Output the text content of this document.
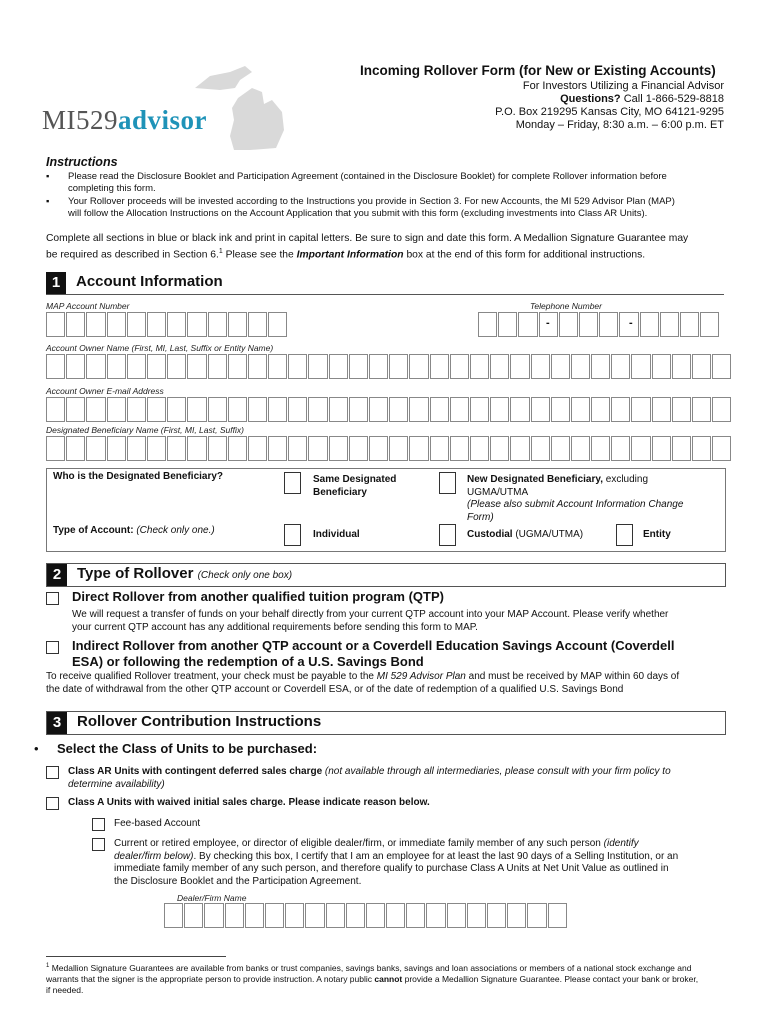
MI529advisor
Incoming Rollover Form (for New or Existing Accounts)
For Investors Utilizing a Financial Advisor
Questions? Call 1-866-529-8818
P.O. Box 219295 Kansas City, MO 64121-9295
Monday – Friday, 8:30 a.m. – 6:00 p.m. ET
Instructions
▪ Please read the Disclosure Booklet and Participation Agreement (contained in the Disclosure Booklet) for complete Rollover information before
completing this form.
▪ Your Rollover proceeds will be invested according to the Instructions you provide in Section 3. For new Accounts, the MI 529 Advisor Plan (MAP)
will follow the Allocation Instructions on the Account Application that you submit with this form (excluding investments into Class AR Units).
Complete all sections in blue or black ink and print in capital letters. Be sure to sign and date this form. A Medallion Signature Guarantee may
be required as described in Section 6.$^1$ Please see the Important Information box at the end of this form for additional instructions.
1	Account Information
MAP Account Number	Telephone Number
-	-
Account Owner Name (First, MI, Last, Suffix or Entity Name)
Account Owner E-mail Address
Designated Beneficiary Name (First, MI, Last, Suffix)
Who is the Designated Beneficiary?	Same Designated
Beneficiary
New Designated Beneficiary, excluding
UGMA/UTMA
(Please also submit Account Information Change
Form)
Type of Account: (Check only one.)	Individual	Custodial (UGMA/UTMA)	Entity
2	Type of Rollover (Check only one box)
Direct Rollover from another qualified tuition program (QTP)
We will request a transfer of funds on your behalf directly from your current QTP account into your MAP Account. Please verify whether
your current QTP account has any additional requirements before sending this form to MAP.
Indirect Rollover from another QTP account or a Coverdell Education Savings Account (Coverdell
ESA) or following the redemption of a U.S. Savings Bond
To receive qualified Rollover treatment, your check must be payable to the MI 529 Advisor Plan and must be received by MAP within 60 days of
the date of withdrawal from the other QTP account or Coverdell ESA, or of the date of redemption of a qualified U.S. Savings Bond
3	Rollover Contribution Instructions
• Select the Class of Units to be purchased:
Class AR Units with contingent deferred sales charge (not available through all intermediaries, please consult with your firm policy to
determine availability)
Class A Units with waived initial sales charge. Please indicate reason below.
Fee-based Account
Current or retired employee, or director of eligible dealer/firm, or immediate family member of any such person (identify
dealer/firm below). By checking this box, I certify that I am an employee for at least the last 90 days of a Selling Institution, or an
immediate family member of any such person, and therefore qualify to purchase Class A Units at Net Unit Value as outlined in
the Disclosure Booklet and the Participation Agreement.
Dealer/Firm Name
$^1$ Medallion Signature Guarantees are available from banks or trust companies, savings banks, savings and loan associations or members of a national stock exchange and
warrants that the signer is the appropriate person to provide instruction. A notary public cannot provide a Medallion Signature Guarantee. Please contact your bank or broker,
if needed.
